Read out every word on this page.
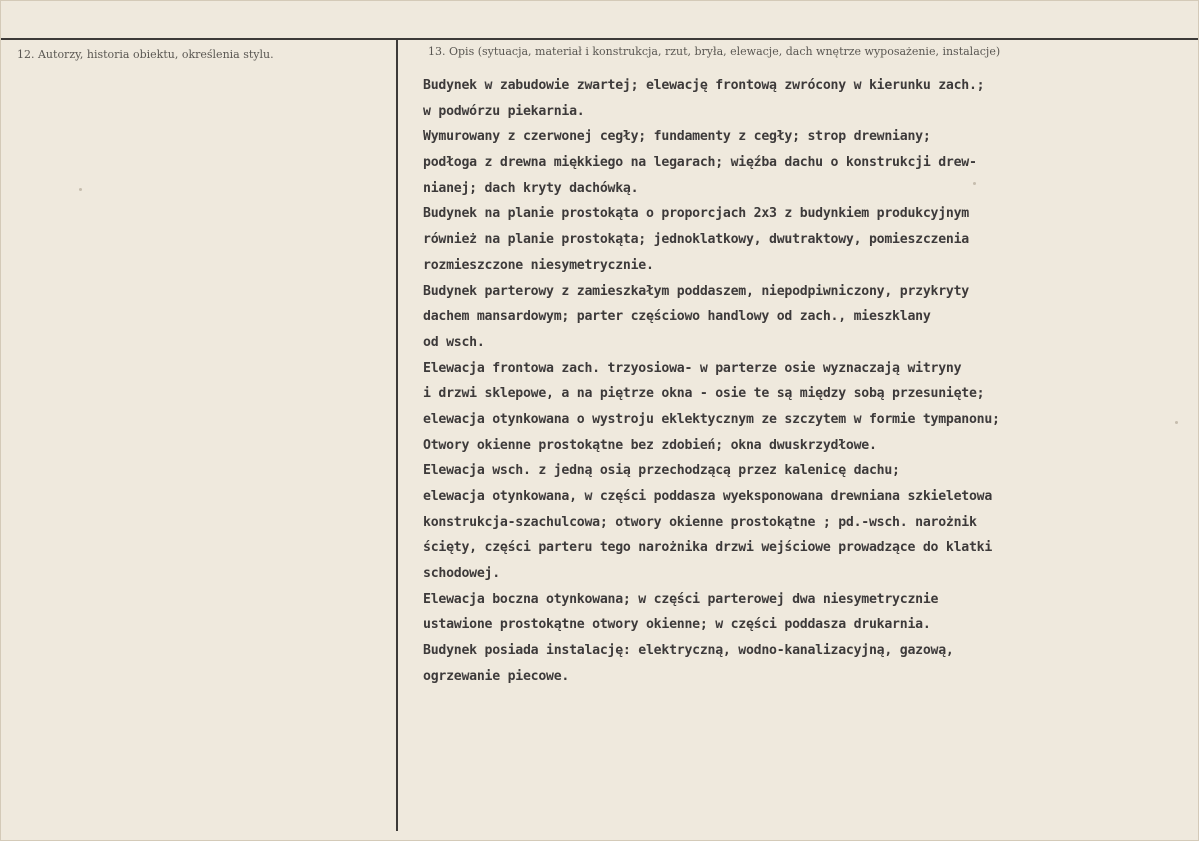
12. Autorzy, historia obiektu, określenia stylu.	13. Opis (sytuacja, materiał i konstrukcja, rzut, bryła, elewacje, dach wnętrze wyposażenie, instalacje)
Budynek w zabudowie zwartej; elewację frontową zwrócony w kierunku zach.;
w podwórzu piekarnia.
Wymurowany z czerwonej cegły; fundamenty z cegły; strop drewniany;
podłoga z drewna miękkiego na legarach; więźba dachu o konstrukcji drew-
nianej; dach kryty dachówką.
Budynek na planie prostokąta o proporcjach 2x3 z budynkiem produkcyjnym
również na planie prostokąta; jednoklatkowy, dwutraktowy, pomieszczenia
rozmieszczone niesymetrycznie.
Budynek parterowy z zamieszkałym poddaszem, niepodpiwniczony, przykryty
dachem mansardowym; parter częściowo handlowy od zach., mieszklany
od wsch.
Elewacja frontowa zach. trzyosiowa- w parterze osie wyznaczają witryny
i drzwi sklepowe, a na piętrze okna - osie te są między sobą przesunięte;
elewacja otynkowana o wystroju eklektycznym ze szczytem w formie tympanonu;
Otwory okienne prostokątne bez zdobień; okna dwuskrzydłowe.
Elewacja wsch. z jedną osią przechodzącą przez kalenicę dachu;
elewacja otynkowana, w części poddasza wyeksponowana drewniana szkieletowa
konstrukcja-szachulcowa; otwory okienne prostokątne ; pd.-wsch. narożnik
ścięty, części parteru tego narożnika drzwi wejściowe prowadzące do klatki
schodowej.
Elewacja boczna otynkowana; w części parterowej dwa niesymetrycznie
ustawione prostokątne otwory okienne; w części poddasza drukarnia.
Budynek posiada instalację: elektryczną, wodno-kanalizacyjną, gazową,
ogrzewanie piecowe.
